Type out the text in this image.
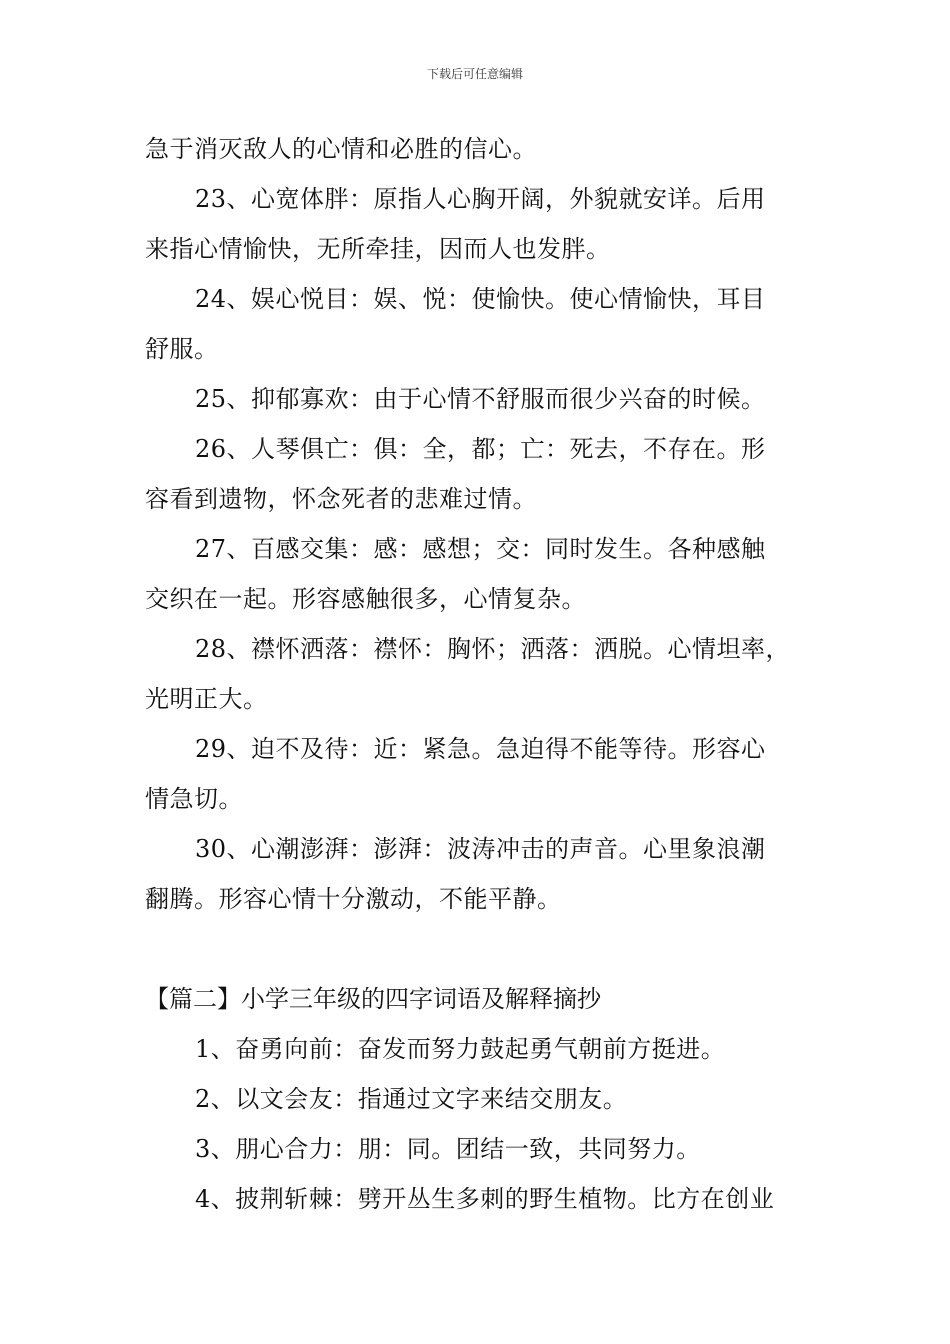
下载后可任意编辑
急于消灭敌人的心情和必胜的信心。
23、心宽体胖：原指人心胸开阔，外貌就安详。后用
来指心情愉快，无所牵挂，因而人也发胖。
24、娱心悦目：娱、悦：使愉快。使心情愉快，耳目
舒服。
25、抑郁寡欢：由于心情不舒服而很少兴奋的时候。
26、人琴俱亡：俱：全，都；亡：死去，不存在。形
容看到遗物，怀念死者的悲难过情。
27、百感交集：感：感想；交：同时发生。各种感触
交织在一起。形容感触很多，心情复杂。
28、襟怀洒落：襟怀：胸怀；洒落：洒脱。心情坦率，
光明正大。
29、迫不及待：近：紧急。急迫得不能等待。形容心
情急切。
30、心潮澎湃：澎湃：波涛冲击的声音。心里象浪潮
翻腾。形容心情十分激动，不能平静。
【篇二】小学三年级的四字词语及解释摘抄
1、奋勇向前：奋发而努力鼓起勇气朝前方挺进。
2、以文会友：指通过文字来结交朋友。
3、朋心合力：朋：同。团结一致，共同努力。
4、披荆斩棘：劈开丛生多刺的野生植物。比方在创业
